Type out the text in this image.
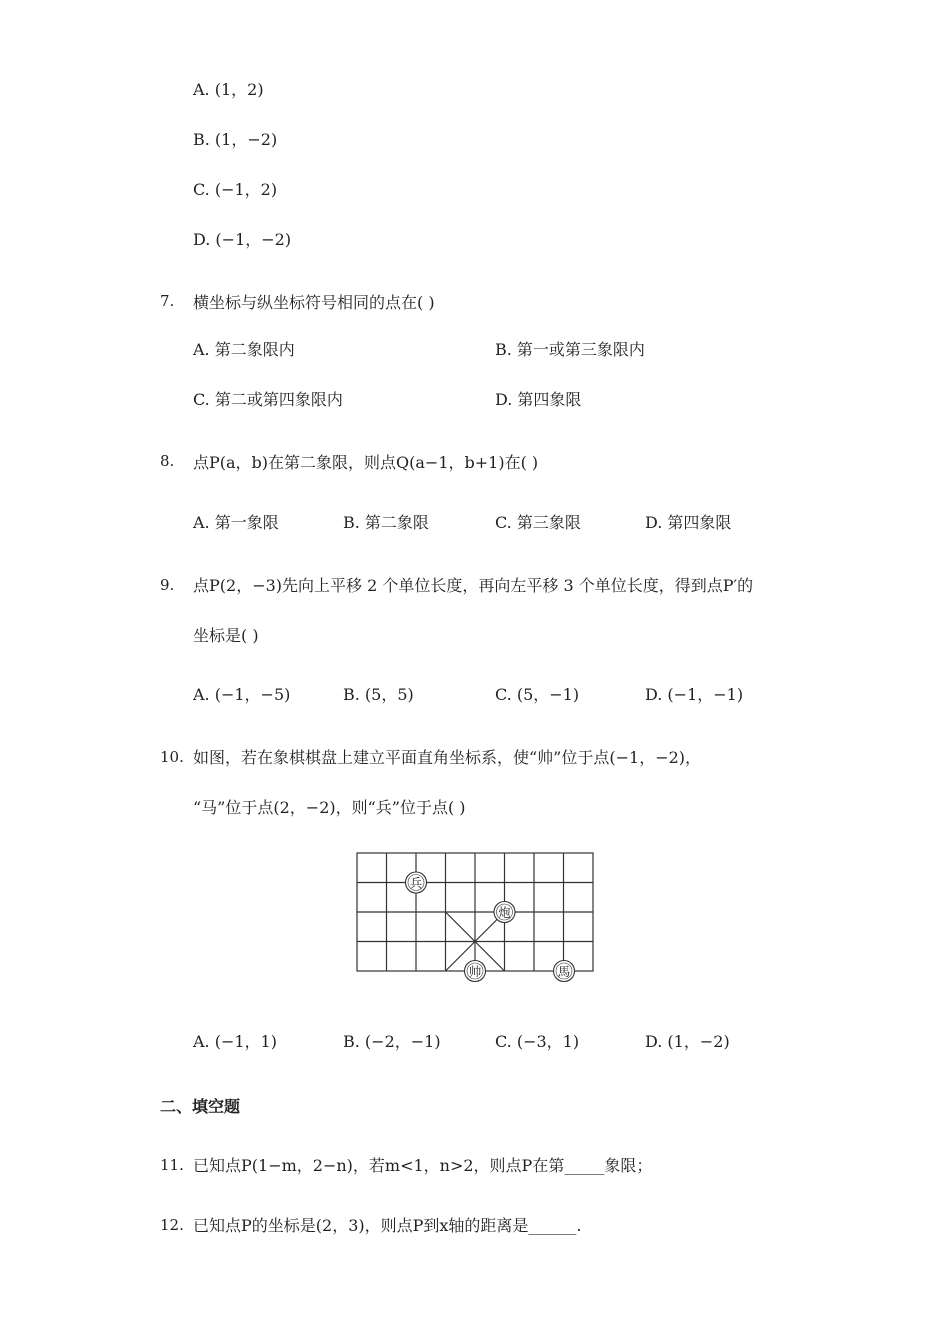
A. (1，2)
B. (1，−2)
C. (−1，2)
D. (−1，−2)
7. 横坐标与纵坐标符号相同的点在( )
A. 第二象限内	B. 第一或第三象限内
C. 第二或第四象限内	D. 第四象限
8. 点P(a，b)在第二象限，则点Q(a−1，b+1)在( )
A. 第一象限	B. 第二象限	C. 第三象限	D. 第四象限
9. 点P(2，−3)先向上平移 2 个单位长度，再向左平移 3 个单位长度，得到点P′的
坐标是( )
A. (−1，−5)	B. (5，5)	C. (5，−1)	D. (−1，−1)
10. 如图，若在象棋棋盘上建立平面直角坐标系，使“帅”位于点(−1，−2)，
“马”位于点(2，−2)，则“兵”位于点( )
兵
炮
帅	馬
A. (−1，1)	B. (−2，−1)	C. (−3，1)	D. (1，−2)
二、填空题
11. 已知点P(1−m，2−n)，若m<1，n>2，则点P在第_____象限；
12. 已知点P的坐标是(2，3)，则点P到x轴的距离是______.
